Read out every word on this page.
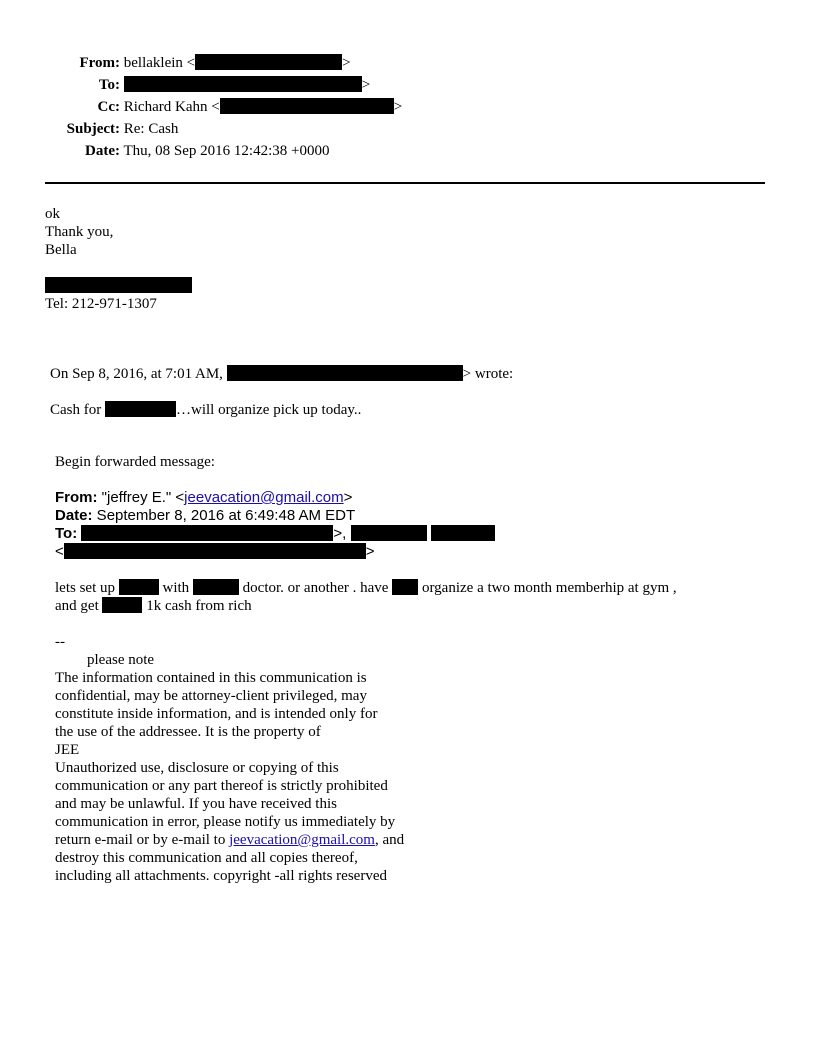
From: bellaklein <	>
To:	>
Cc: Richard Kahn <	>
Subject: Re: Cash
Date: Thu, 08 Sep 2016 12:42:38 +0000
ok
Thank you,
Bella
Tel: 212-971-1307
On Sep 8, 2016, at 7:01 AM,	> wrote:
Cash for	…will organize pick up today..
Begin forwarded message:
From: "jeffrey E." <jeevacation@gmail.com>
Date: September 8, 2016 at 6:49:48 AM EDT
To:	>,
<	>
lets set up	with	doctor. or another . have organize a two month memberhip at gym ,
and get	1k cash from rich
--
please note
The information contained in this communication is
confidential, may be attorney-client privileged, may
constitute inside information, and is intended only for
the use of the addressee. It is the property of
JEE
Unauthorized use, disclosure or copying of this
communication or any part thereof is strictly prohibited
and may be unlawful. If you have received this
communication in error, please notify us immediately by
return e-mail or by e-mail to jeevacation@gmail.com, and
destroy this communication and all copies thereof,
including all attachments. copyright -all rights reserved
